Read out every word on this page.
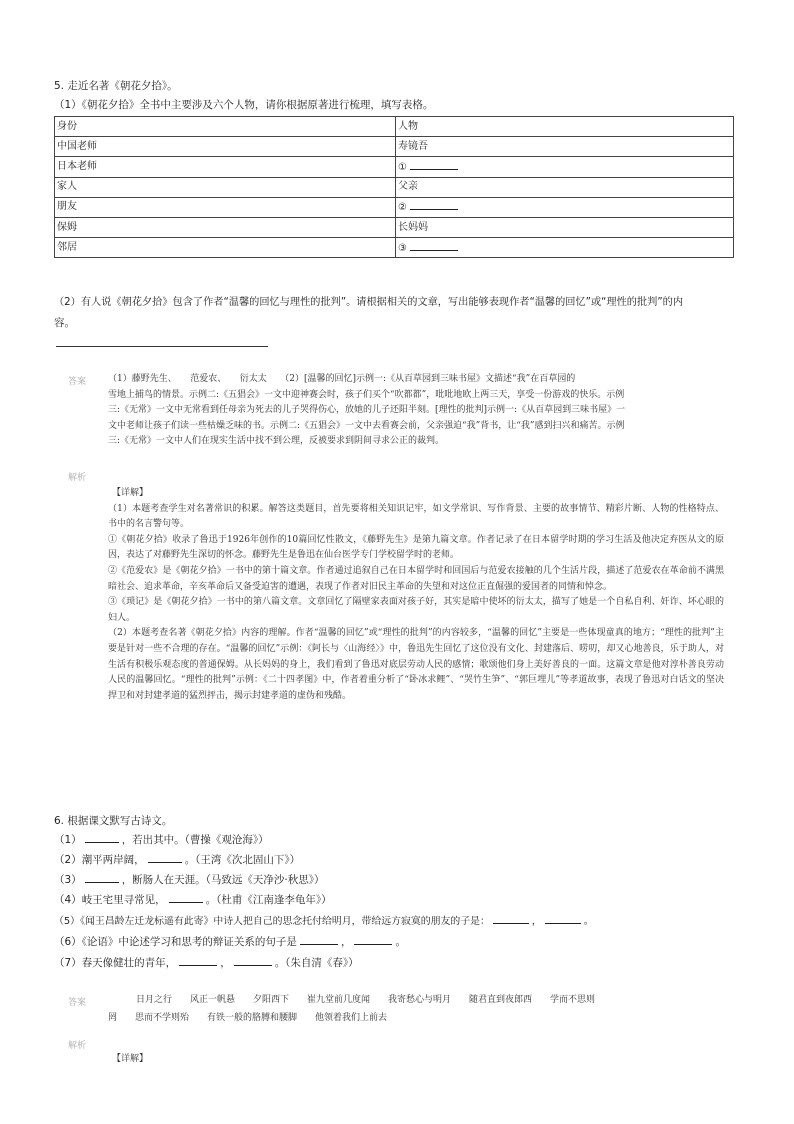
5. 走近名著《朝花夕拾》。
（1）《朝花夕拾》全书中主要涉及六个人物，请你根据原著进行梳理，填写表格。
身份	人物
中国老师	寿镜吾
日本老师	①
家人	父亲
朋友	②
保姆	长妈妈
邻居	③
（2）有人说《朝花夕拾》包含了作者“温馨的回忆与理性的批判”。请根据相关的文章，写出能够表现作者“温馨的回忆”或“理性的批判”的内
容。
答案 （1）藤野先生、　　范爱农、　　衍太太　　（2）[温馨的回忆]示例一:《从百草园到三味书屋》文描述“我”在百草园的
雪地上捕鸟的情景。示例二:《五猖会》一文中迎神赛会时，孩子们买个“吹都都”，吡吡地欧上两三天，享受一份游戏的快乐。示例
三:《无常》一文中无常看到任母亲为死去的儿子哭得伤心，放她的儿子还阳半刻。[理性的批判]示例一:《从百草园到三味书屋》一
文中老师让孩子们读一些枯燥乏味的书。示例二:《五猖会》一文中去看赛会前，父亲强迫“我”背书，让“我”感到扫兴和痛苦。示例
三:《无常》一文中人们在现实生活中找不到公理，反被要求到阴间寻求公正的裁判。
解析
【详解】
（1）本题考查学生对名著常识的积累。解答这类题目，首先要将相关知识记牢，如文学常识、写作背景、主要的故事情节、精彩片断、人物的性格特点、书中的名言警句等。
①《朝花夕拾》收录了鲁迅于1926年创作的10篇回忆性散文，《藤野先生》是第九篇文章。作者记录了在日本留学时期的学习生活及他决定弃医从文的原因，表达了对藤野先生深切的怀念。藤野先生是鲁迅在仙台医学专门学校留学时的老师。
②《范爱农》是《朝花夕拾》一书中的第十篇文章。作者通过追叙自己在日本留学时和回国后与范爱农接触的几个生活片段，描述了范爱农在革命前不满黑暗社会、追求革命，辛亥革命后又备受迫害的遭遇，表现了作者对旧民主革命的失望和对这位正直倔强的爱国者的同情和悼念。
③《琐记》是《朝花夕拾》一书中的第八篇文章。文章回忆了隔壁家表面对孩子好，其实是暗中使坏的衍太太，描写了她是一个自私自利、奸诈、坏心眼的妇人。
（2）本题考查名著《朝花夕拾》内容的理解。作者“温馨的回忆”或“理性的批判”的内容较多，“温馨的回忆”主要是一些体现童真的地方；“理性的批判”主要是针对一些不合理的存在。“温馨的回忆”示例：《阿长与〈山海经〉》中，鲁迅先生回忆了这位没有文化、封建落后、唠叨，却又心地善良，乐于助人，对生活有积极乐观态度的普通保姆。从长妈妈的身上，我们看到了鲁迅对底层劳动人民的感情；歌颂他们身上美好善良的一面。这篇文章是他对淳朴善良劳动人民的温馨回忆。“理性的批判”示例：《二十四孝图》中，作者着重分析了“卧冰求鲤”、“哭竹生笋”、“郭巨埋儿”等孝道故事，表现了鲁迅对白话文的坚决捍卫和对封建孝道的猛烈抨击，揭示封建孝道的虚伪和残酷。
6. 根据课文默写古诗文。
（1）	，若出其中。（曹操《观沧海》）
（2）潮平两岸阔，	。（王湾《次北固山下》）
（3）	，断肠人在天涯。（马致远《天净沙·秋思》）
（4）岐王宅里寻常见，	。（杜甫《江南逢李龟年》）
（5）《闻王昌龄左迁龙标遥有此寄》中诗人把自己的思念托付给明月，带给远方寂寞的朋友的子是：	，	。
（6）《论语》中论述学习和思考的辩证关系的句子是	，	。
（7）春天像健壮的青年，	，	。（朱自清《春》）
答案	日月之行　　风正一帆悬　　夕阳西下　　崔九堂前几度闻　　我寄愁心与明月　　随君直到夜郎西　　学而不思则
罔　　思而不学则殆　　有铁一般的胳膊和腰脚　　他领着我们上前去
解析
【详解】
